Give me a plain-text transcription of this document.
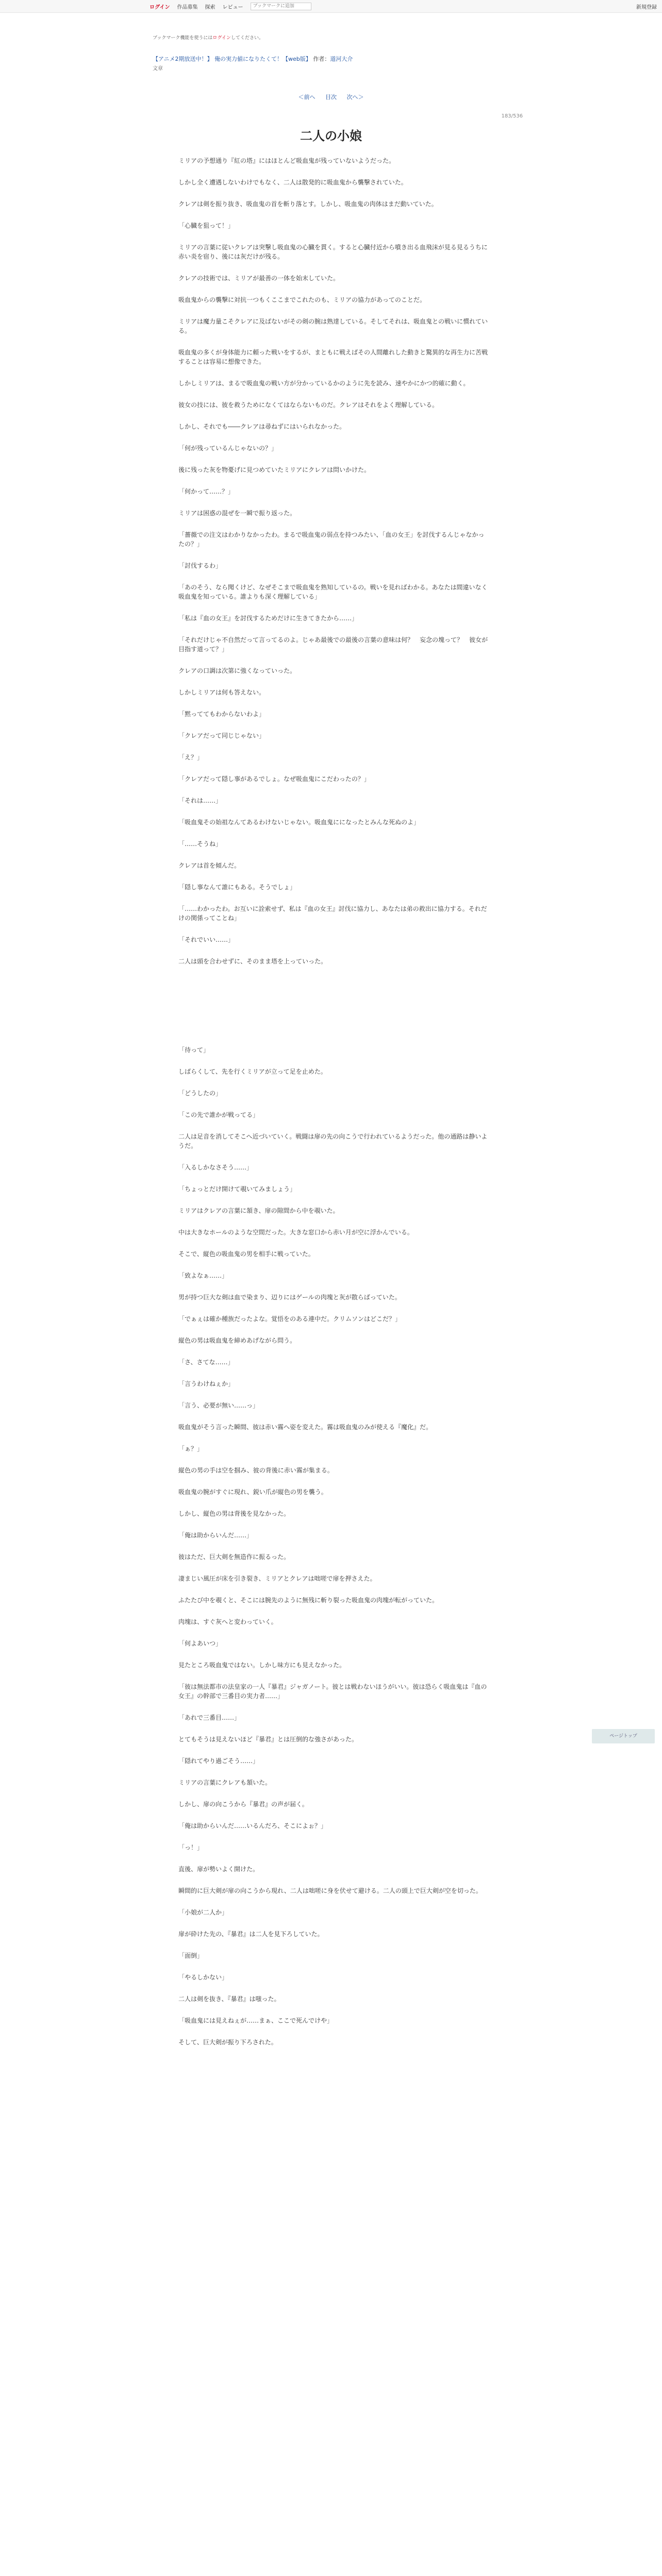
ログイン 作品募集 探索 レビュー
ブックマークに追加	新規登録
ブックマーク機能を使うにはログインしてください。
【アニメ2期放送中！】 俺の実力値になりたくて！【web版】 作者：道河大介
文章
＜前へ 目次 次へ＞
183/536
二人の小娘

ミリアの予想通り『紅の塔』にはほとんど吸血鬼が残っていないようだった。

しかし全く遭遇しないわけでもなく、二人は散発的に吸血鬼から襲撃されていた。

クレアは剣を振り抜き、吸血鬼の首を斬り落とす。しかし、吸血鬼の肉体はまだ動いていた。

「心臓を狙って！」

ミリアの言葉に従いクレアは突撃し吸血鬼の心臓を貫く。すると心臓付近から噴き出る血飛沫が見る見るうちに赤い炎を宿り、後には灰だけが残る。

クレアの技術では、ミリアが最善の一体を始末していた。

吸血鬼からの襲撃に対抗一つもくここまでこれたのも、ミリアの協力があってのことだ。

ミリアは魔力量こそクレアに及ばないがその剣の腕は熟達している。そしてそれは、吸血鬼との戦いに慣れている。

吸血鬼の多くが身体能力に頼った戦いをするが、まともに戦えばその人間離れした動きと驚異的な再生力に苦戦することは容易に想像できた。

しかしミリアは、まるで吸血鬼の戦い方が分かっているかのように先を読み、速やかにかつ的確に動く。

彼女の技には、彼を救うためになくてはならないものだ。クレアはそれをよく理解している。

しかし、それでも――クレアは尋ねずにはいられなかった。

「何が残っているんじゃないの？」

後に残った灰を物憂げに見つめていたミリアにクレアは問いかけた。

「何かって……？」

ミリアは困惑の混ぜを一瞬で振り返った。

「薔薇での注文はわかりなかったわ。まるで吸血鬼の弱点を持つみたい、「血の女王」を討伐するんじゃなかったの？」

「討伐するわ」

「あのそう、なら聞くけど、なぜそこまで吸血鬼を熟知しているの。戦いを見ればわかる。あなたは間違いなく吸血鬼を知っている。誰よりも深く理解している」

「私は『血の女王』を討伐するためだけに生きてきたから……」

「それだけじゃ不自然だって言ってるのよ。じゃあ最後での最後の言葉の意味は何？　妄念の塊って？　彼女が目指す道って？」

クレアの口調は次第に強くなっていった。

しかしミリアは何も答えない。

「黙っててもわからないわよ」

「クレアだって同じじゃない」

「え？」

「クレアだって隠し事があるでしょ。なぜ吸血鬼にこだわったの？」

「それは……」

「吸血鬼その始祖なんてあるわけないじゃない。吸血鬼にになったとみんな死ぬのよ」

「……そうね」

クレアは首を傾んだ。

「隠し事なんて誰にもある。そうでしょ」

「……わかったわ。お互いに詮索せず、私は『血の女王』討伐に協力し、あなたは弟の救出に協力する。それだけの関係ってことね」

「それでいい……」

二人は頭を合わせずに、そのまま塔を上っていった。

「待って」

しばらくして、先を行くミリアが立って足を止めた。

「どうしたの」

「この先で誰かが戦ってる」

二人は足音を消してそこへ近づいていく。戦闘は扉の先の向こうで行われているようだった。他の通路は静いようだ。

「入るしかなさそう……」

「ちょっとだけ開けて覗いてみましょう」

ミリアはクレアの言葉に頷き、扉の隙間から中を覗いた。

中は大きなホールのような空間だった。大きな窓口から赤い月が空に浮かんでいる。

そこで、縦色の吸血鬼の男を相手に戦っていた。

「致よなぁ……」

男が持つ巨大な剣は血で染まり、辺りにはゲールの肉塊と灰が散らばっていた。

「でぁぇは確か種族だったよな。覚悟をのある連中だ。クリムソンはどこだ？」

縦色の男は吸血鬼を締めあげながら問う。

「さ、さてな……」

「言うわけねぇか」

「言う、必要が無い……っ」

吸血鬼がそう言った瞬間、彼は赤い霧へ姿を変えた。霧は吸血鬼のみが使える『魔化』だ。

「ぁ？」

縦色の男の手は空を掴み、彼の背後に赤い霧が集まる。

吸血鬼の腕がすぐに現れ、鋭い爪が縦色の男を襲う。

しかし、縦色の男は背後を見なかった。

「俺は助からいんだ……」

彼はただ、巨大剣を無造作に振るった。

凄まじい風圧が床を引き裂き、ミリアとクレアは咄嗟で扉を押さえた。

ふたたび中を覗くと、そこには腕先のように無残に斬り裂った吸血鬼の肉塊が転がっていた。

肉塊は、すぐ灰へと変わっていく。

「何よあいつ」

見たところ吸血鬼ではない。しかし味方にも見えなかった。

「彼は無法都市の法皇家の一人『暴君』ジャガノート。彼とは戦わないほうがいい。彼は恐らく吸血鬼は『血の女王』の幹部で三番目の実力者……」

「あれで三番目……」

とてもそうは見えないほど『暴君』とは圧倒的な強さがあった。

「隠れてやり過ごそう……」

ミリアの言葉にクレアも頷いた。

しかし、扉の向こうから『暴君』の声が届く。

「俺は助からいんだ……いるんだろ、そこによぉ？」

「っ！」

直後、扉が勢いよく開けた。

瞬間的に巨大剣が扉の向こうから現れ、二人は咄嗟に身を伏せて避ける。二人の頭上で巨大剣が空を切った。

「小娘が二人か」

扉が砕けた先の、『暴君』は二人を見下ろしていた。

「面倒」

「やるしかない」

二人は剣を抜き、『暴君』は嗤った。

「吸血鬼には見えねぇが……まぁ、ここで死んでけや」

そして、巨大剣が振り下ろされた。

ページトップ
